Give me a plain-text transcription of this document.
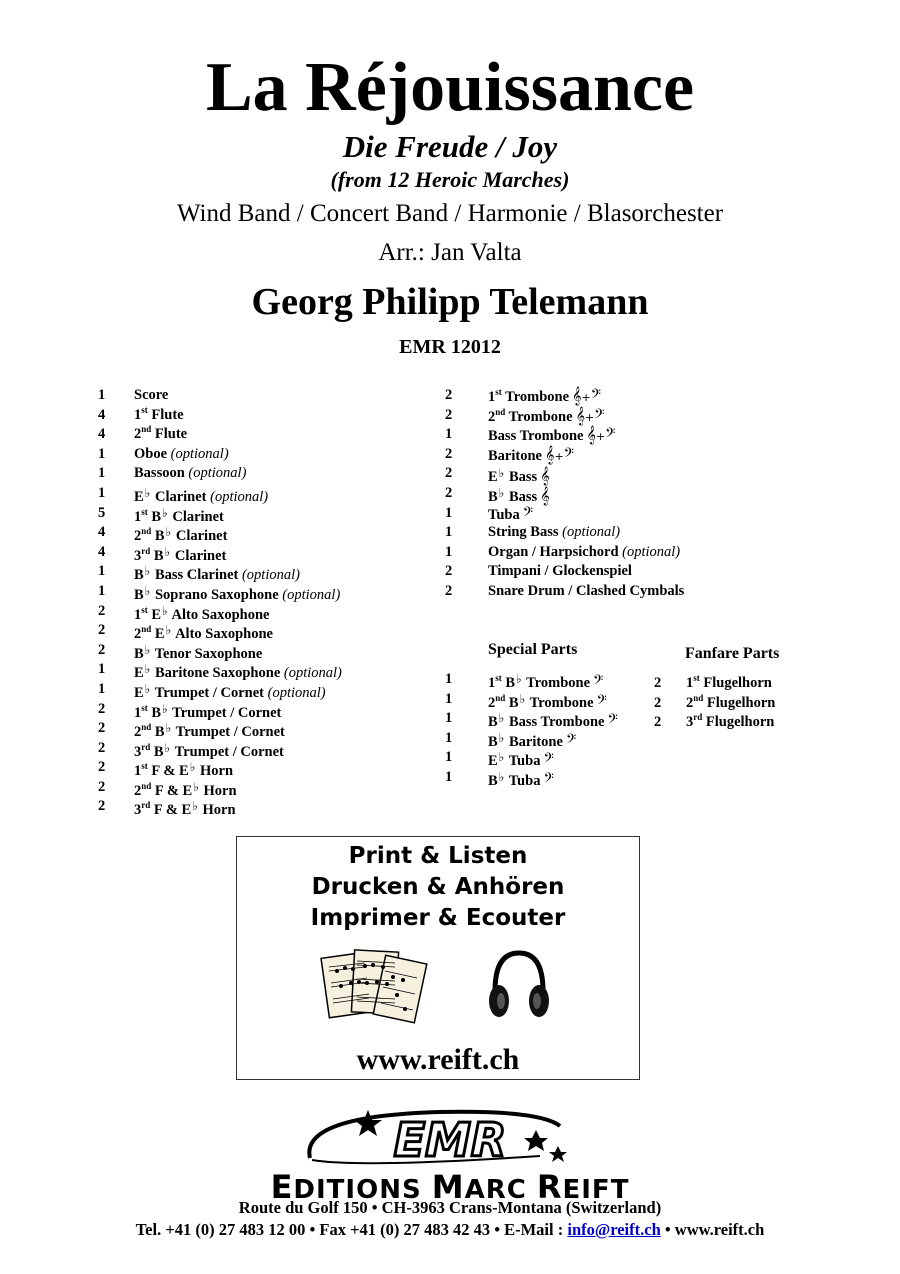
La Réjouissance
Die Freude / Joy
(from 12 Heroic Marches)
Wind Band / Concert Band / Harmonie / Blasorchester
Arr.: Jan Valta
Georg Philipp Telemann
EMR 12012
1 Score
4 1st Flute
4 2nd Flute
1 Oboe (optional)
1 Bassoon (optional)
1 E♭ Clarinet (optional)
5 1st B♭ Clarinet
4 2nd B♭ Clarinet
4 3rd B♭ Clarinet
1 B♭ Bass Clarinet (optional)
1 B♭ Soprano Saxophone (optional)
2 1st E♭ Alto Saxophone
2 2nd E♭ Alto Saxophone
2 B♭ Tenor Saxophone
1 E♭ Baritone Saxophone (optional)
1 E♭ Trumpet / Cornet (optional)
2 1st B♭ Trumpet / Cornet
2 2nd B♭ Trumpet / Cornet
2 3rd B♭ Trumpet / Cornet
2 1st F & E♭ Horn
2 2nd F & E♭ Horn
2 3rd F & E♭ Horn
2 1st Trombone 𝄞+𝄢
2 2nd Trombone 𝄞+𝄢
1 Bass Trombone 𝄞+𝄢
2 Baritone 𝄞+𝄢
2 E♭ Bass 𝄞
2 B♭ Bass 𝄞
1 Tuba 𝄢
1 String Bass (optional)
1 Organ / Harpsichord (optional)
2 Timpani / Glockenspiel
2 Snare Drum / Clashed Cymbals
Special Parts
1 1st B♭ Trombone 𝄢
1 2nd B♭ Trombone 𝄢
1 B♭ Bass Trombone 𝄢
1 B♭ Baritone 𝄢
1 E♭ Tuba 𝄢
1 B♭ Tuba 𝄢
Fanfare Parts
2 1st Flugelhorn
2 2nd Flugelhorn
2 3rd Flugelhorn
Print & Listen
Drucken & Anhören
Imprimer & Ecouter
www.reift.ch
EMR
EDITIONS MARC REIFT
Route du Golf 150 • CH-3963 Crans-Montana (Switzerland)
Tel. +41 (0) 27 483 12 00 • Fax +41 (0) 27 483 42 43 • E-Mail : info@reift.ch • www.reift.ch
